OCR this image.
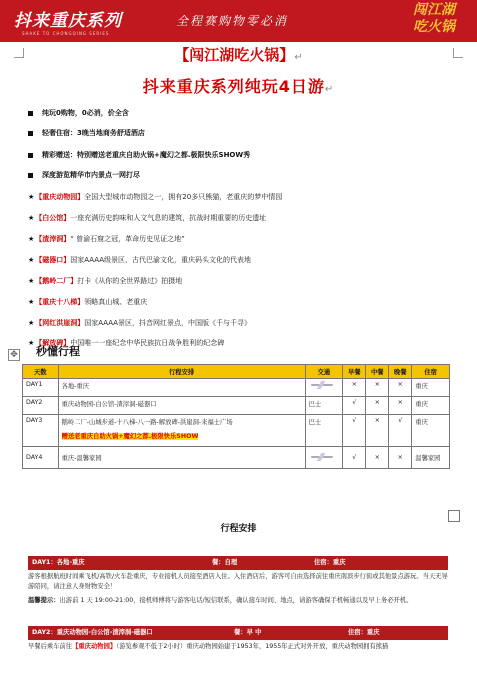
抖来重庆系列
SHAKE TO CHONGQING SERIES
全程赛购物零必消
闯江湖
吃火锅
【闯江湖吃火锅】↵
抖来重庆系列纯玩4日游↵
纯玩0购物，0必消，价全含
轻奢住宿：3晚当地商务舒适酒店
精彩赠送：特别赠送老重庆自助火锅+魔幻之都.极限快乐SHOW秀
深度游览精华市内景点一网打尽
★【重庆动物园】全国大型城市动物园之一，拥有20多只熊猫，老重庆的梦中情园
★【白公馆】一座充满历史韵味和人文气息的建筑，抗战时期重要的历史遗址
★【渣滓洞】“ 曾渝石窟之冠，革命历史见证之地”
★【磁器口】国家AAAA级景区，古代巴渝文化，重庆码头文化的代表地
★【鹅岭二厂】打卡《从你的全世界路过》拍摄地
★【重庆十八梯】领略真山城、老重庆
★【网红洪崖洞】国家AAAA景区，抖音网红景点，中国版《千与千寻》
★【解放碑】中国唯一一座纪念中华民族抗日战争胜利的纪念碑
秒懂行程
✥
天数	行程安排	交通	早餐	中餐	晚餐	住宿
DAY1	各地-重庆		×	×	×	重庆
DAY2	重庆动物园-白公馆-渣滓洞-磁器口	巴士	√	×	×	重庆
DAY3	鹅岭二厂-山城步道-十八梯-八一路-解放碑-洪崖洞-来福士广场
赠送老重庆自助火锅+魔幻之都.极限快乐SHOW	巴士	√	×	√	重庆
DAY4	重庆-温馨家园		√	×	×	温馨家园
行程安排
DAY1：各地-重庆	餐：自理	住宿：重庆
游客根据航班时间乘飞机/高铁/火车赴重庆，专业接机人员接至酒店入住。入住酒店后，游客可自由选择前往重庆南滨步行街或其他景点游玩。当天无导游陪同，请注意人身财物安全！
温馨提示：出游前 1 天 19:00-21:00，接机师傅将与游客电话/短信联系，确认接车时间、地点，请游客确保手机畅通以及早上务必开机。
DAY2：重庆动物园-白公馆-渣滓洞-磁器口	餐：早 中	住宿：重庆
早餐后乘车前往【重庆动物园】（游览参观不低于2小时）重庆动物园始建于1953年，1955年正式对外开放，重庆动物园拥有熊猫
